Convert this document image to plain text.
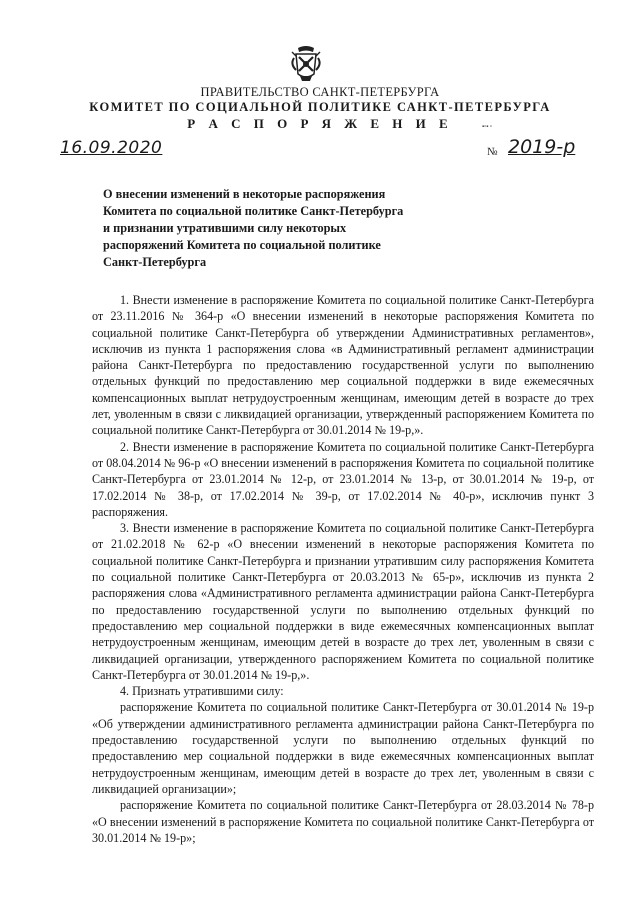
ПРАВИТЕЛЬСТВО САНКТ-ПЕТЕРБУРГА
КОМИТЕТ ПО СОЦИАЛЬНОЙ ПОЛИТИКЕ САНКТ-ПЕТЕРБУРГА
Р А С П О Р Я Ж Е Н И Е	▪▫▪ ▫
16.09.2020	№ 2019-р
О внесении изменений в некоторые распоряжения
Комитета по социальной политике Санкт-Петербурга
и признании утратившими силу некоторых
распоряжений Комитета по социальной политике
Санкт-Петербурга

1. Внести изменение в распоряжение Комитета по социальной политике Санкт-Петербурга от 23.11.2016 № 364-р «О внесении изменений в некоторые распоряжения Комитета по социальной политике Санкт-Петербурга об утверждении Административных регламентов», исключив из пункта 1 распоряжения слова «в Административный регламент администрации района Санкт-Петербурга по предоставлению государственной услуги по выполнению отдельных функций по предоставлению мер социальной поддержки в виде ежемесячных компенсационных выплат нетрудоустроенным женщинам, имеющим детей в возрасте до трех лет, уволенным в связи с ликвидацией организации, утвержденный распоряжением Комитета по социальной политике Санкт-Петербурга от 30.01.2014 № 19-р,».

2. Внести изменение в распоряжение Комитета по социальной политике Санкт-Петербурга от 08.04.2014 № 96-р «О внесении изменений в распоряжения Комитета по социальной политике Санкт-Петербурга от 23.01.2014 № 12-р, от 23.01.2014 № 13-р, от 30.01.2014 № 19-р, от 17.02.2014 № 38-р, от 17.02.2014 № 39-р, от 17.02.2014 № 40-р», исключив пункт 3 распоряжения.

3. Внести изменение в распоряжение Комитета по социальной политике Санкт-Петербурга от 21.02.2018 № 62-р «О внесении изменений в некоторые распоряжения Комитета по социальной политике Санкт-Петербурга и признании утратившим силу распоряжения Комитета по социальной политике Санкт-Петербурга от 20.03.2013 № 65-р», исключив из пункта 2 распоряжения слова «Административного регламента администрации района Санкт-Петербурга по предоставлению государственной услуги по выполнению отдельных функций по предоставлению мер социальной поддержки в виде ежемесячных компенсационных выплат нетрудоустроенным женщинам, имеющим детей в возрасте до трех лет, уволенным в связи с ликвидацией организации, утвержденного распоряжением Комитета по социальной политике Санкт-Петербурга от 30.01.2014 № 19-р,».

4. Признать утратившими силу:

распоряжение Комитета по социальной политике Санкт-Петербурга от 30.01.2014 № 19-р «Об утверждении административного регламента администрации района Санкт-Петербурга по предоставлению государственной услуги по выполнению отдельных функций по предоставлению мер социальной поддержки в виде ежемесячных компенсационных выплат нетрудоустроенным женщинам, имеющим детей в возрасте до трех лет, уволенным в связи с ликвидацией организации»;

распоряжение Комитета по социальной политике Санкт-Петербурга от 28.03.2014 № 78-р «О внесении изменений в распоряжение Комитета по социальной политике Санкт-Петербурга от 30.01.2014 № 19-р»;
